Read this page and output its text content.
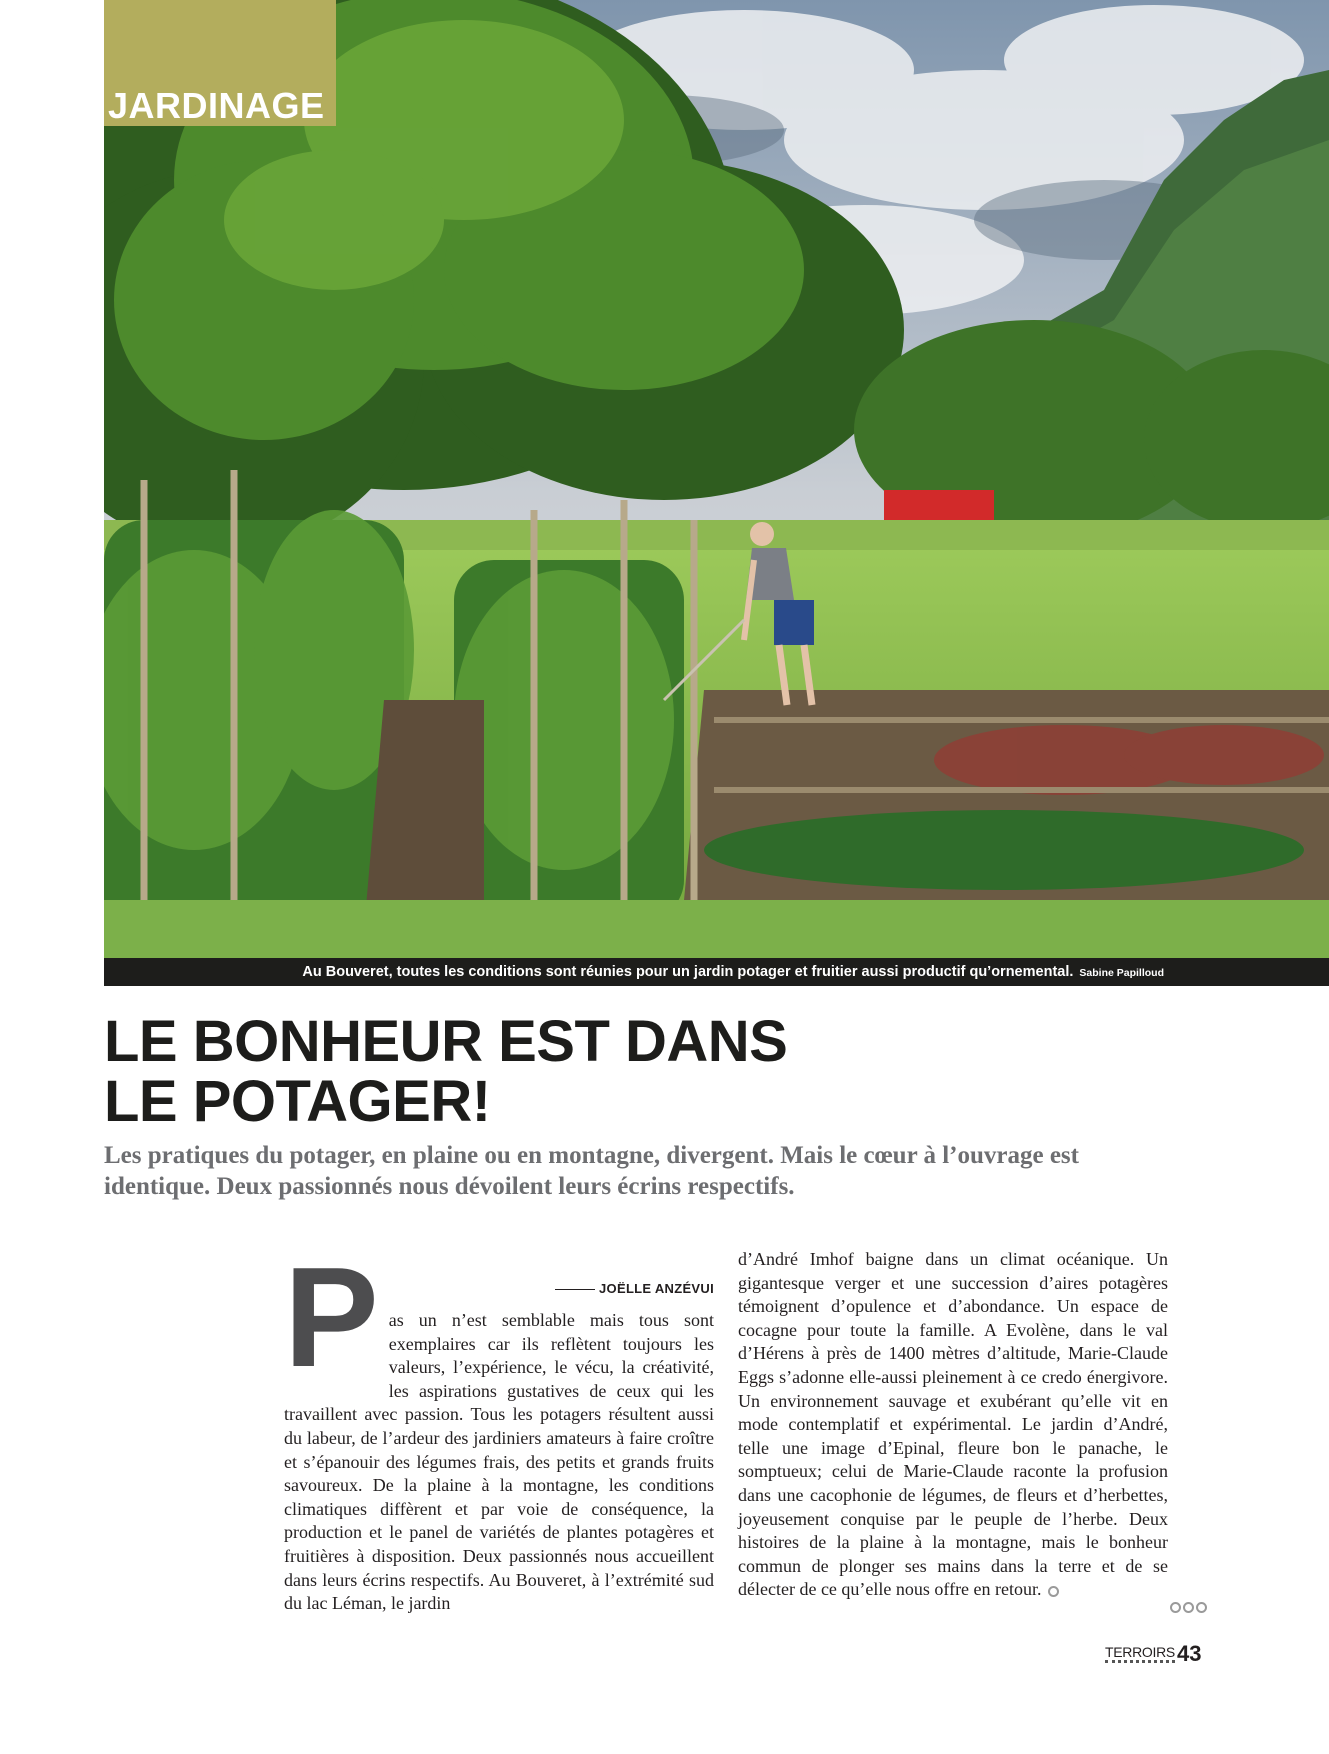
JARDINAGE
Au Bouveret, toutes les conditions sont réunies pour un jardin potager et fruitier aussi productif qu’ornemental. Sabine Papilloud
LE BONHEUR EST DANS
LE POTAGER!

Les pratiques du potager, en plaine ou en montagne, divergent. Mais le cœur à l’ouvrage est identique. Deux passionnés nous dévoilent leurs écrins respectifs.

P	JOËLLE ANZÉVUI
as un n’est semblable mais tous sont exemplaires car ils reflètent toujours les valeurs, l’expérience, le vécu, la créativité, les aspirations gustatives de ceux qui les travaillent avec passion. Tous les potagers résultent aussi du labeur, de l’ardeur des jardiniers amateurs à faire croître et s’épanouir des légumes frais, des petits et grands fruits savoureux. De la plaine à la montagne, les conditions climatiques diffèrent et par voie de conséquence, la production et le panel de variétés de plantes potagères et fruitières à disposition. Deux passionnés nous accueillent dans leurs écrins respectifs. Au Bouveret, à l’extrémité sud du lac Léman, le jardin

d’André Imhof baigne dans un climat océanique. Un gigantesque verger et une succession d’aires potagères témoignent d’opulence et d’abondance. Un espace de cocagne pour toute la famille. A Evolène, dans le val d’Hérens à près de 1400 mètres d’altitude, Marie-Claude Eggs s’adonne elle-aussi pleinement à ce credo énergivore. Un environnement sauvage et exubérant qu’elle vit en mode contemplatif et expérimental. Le jardin d’André, telle une image d’Epinal, fleure bon le panache, le somptueux; celui de Marie-Claude raconte la profusion dans une cacophonie de légumes, de fleurs et d’herbettes, joyeusement conquise par le peuple de l’herbe. Deux histoires de la plaine à la montagne, mais le bonheur commun de plonger ses mains dans la terre et de se délecter de ce qu’elle nous offre en retour.

TERROIRS43
